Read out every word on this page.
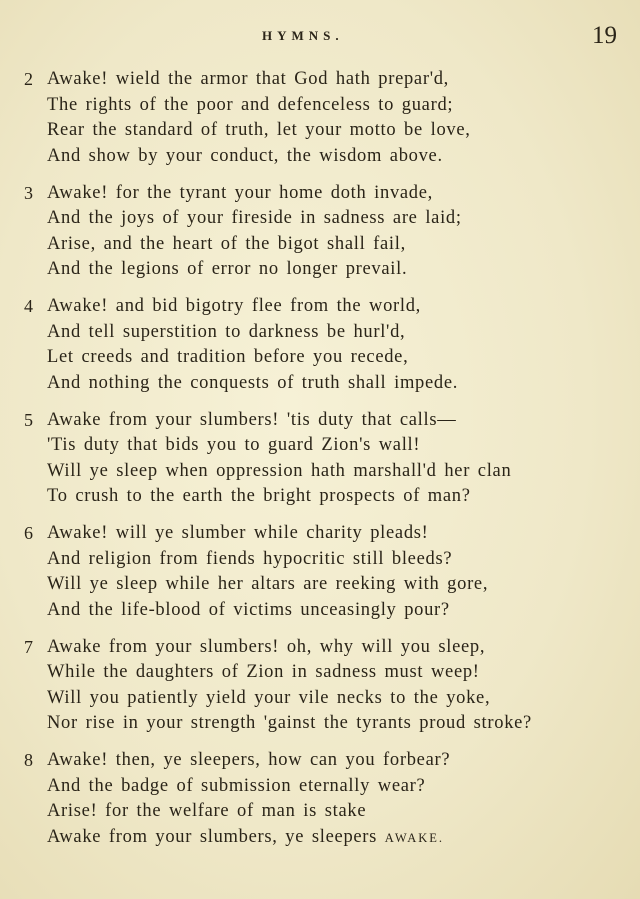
HYMNS.	19
2 Awake! wield the armor that God hath prepar'd,
The rights of the poor and defenceless to guard;
Rear the standard of truth, let your motto be love,
And show by your conduct, the wisdom above.
3 Awake! for the tyrant your home doth invade,
And the joys of your fireside in sadness are laid;
Arise, and the heart of the bigot shall fail,
And the legions of error no longer prevail.
4 Awake! and bid bigotry flee from the world,
And tell superstition to darkness be hurl'd,
Let creeds and tradition before you recede,
And nothing the conquests of truth shall impede.
5 Awake from your slumbers! 'tis duty that calls—
'Tis duty that bids you to guard Zion's wall!
Will ye sleep when oppression hath marshall'd her clan
To crush to the earth the bright prospects of man?
6 Awake! will ye slumber while charity pleads!
And religion from fiends hypocritic still bleeds?
Will ye sleep while her altars are reeking with gore,
And the life-blood of victims unceasingly pour?
7 Awake from your slumbers! oh, why will you sleep,
While the daughters of Zion in sadness must weep!
Will you patiently yield your vile necks to the yoke,
Nor rise in your strength 'gainst the tyrants proud stroke?
8 Awake! then, ye sleepers, how can you forbear?
And the badge of submission eternally wear?
Arise! for the welfare of man is stake
Awake from your slumbers, ye sleepers AWAKE.
